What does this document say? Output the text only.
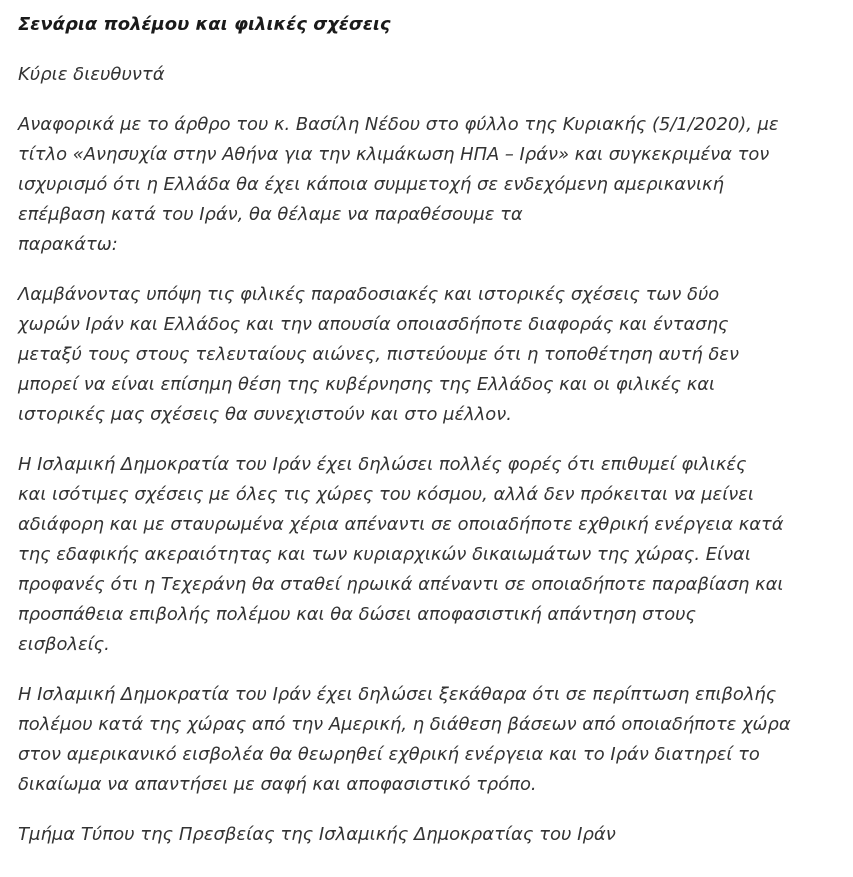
Σενάρια πολέμου και φιλικές σχέσεις

Κύριε διευθυντά

Αναφορικά με το άρθρο του κ. Βασίλη Νέδου στο φύλλο της Κυριακής (5/1/2020), με
τίτλο «Ανησυχία στην Αθήνα για την κλιμάκωση ΗΠΑ – Ιράν» και συγκεκριμένα τον
ισχυρισμό ότι η Ελλάδα θα έχει κάποια συμμετοχή σε ενδεχόμενη αμερικανική
επέμβαση κατά του Ιράν, θα θέλαμε να παραθέσουμε τα
παρακάτω:

Λαμβάνοντας υπόψη τις φιλικές παραδοσιακές και ιστορικές σχέσεις των δύο
χωρών Ιράν και Ελλάδος και την απουσία οποιασδήποτε διαφοράς και έντασης
μεταξύ τους στους τελευταίους αιώνες, πιστεύουμε ότι η τοποθέτηση αυτή δεν
μπορεί να είναι επίσημη θέση της κυβέρνησης της Ελλάδος και οι φιλικές και
ιστορικές μας σχέσεις θα συνεχιστούν και στο μέλλον.

Η Ισλαμική Δημοκρατία του Ιράν έχει δηλώσει πολλές φορές ότι επιθυμεί φιλικές
και ισότιμες σχέσεις με όλες τις χώρες του κόσμου, αλλά δεν πρόκειται να μείνει
αδιάφορη και με σταυρωμένα χέρια απέναντι σε οποιαδήποτε εχθρική ενέργεια κατά
της εδαφικής ακεραιότητας και των κυριαρχικών δικαιωμάτων της χώρας. Είναι
προφανές ότι η Τεχεράνη θα σταθεί ηρωικά απέναντι σε οποιαδήποτε παραβίαση και
προσπάθεια επιβολής πολέμου και θα δώσει αποφασιστική απάντηση στους
εισβολείς.

Η Ισλαμική Δημοκρατία του Ιράν έχει δηλώσει ξεκάθαρα ότι σε περίπτωση επιβολής
πολέμου κατά της χώρας από την Αμερική, η διάθεση βάσεων από οποιαδήποτε χώρα
στον αμερικανικό εισβολέα θα θεωρηθεί εχθρική ενέργεια και το Ιράν διατηρεί το
δικαίωμα να απαντήσει με σαφή και αποφασιστικό τρόπο.

Τμήμα Τύπου της Πρεσβείας της Ισλαμικής Δημοκρατίας του Ιράν
